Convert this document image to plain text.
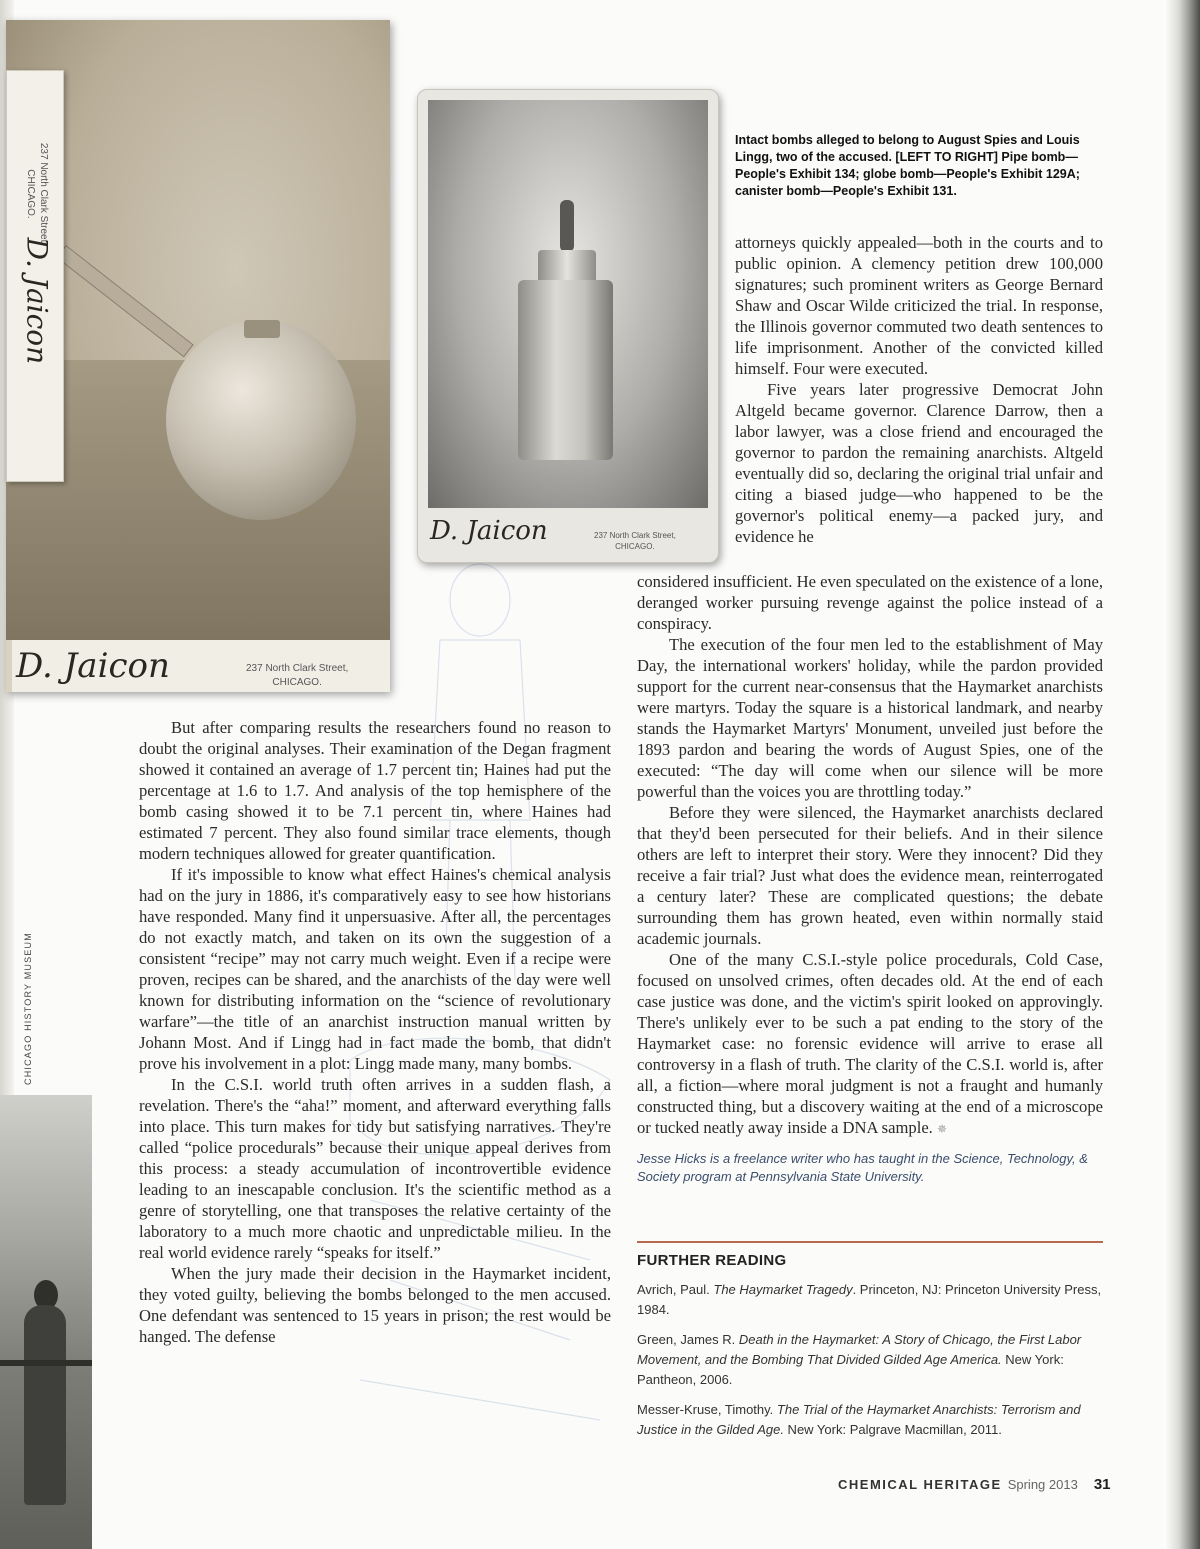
D. Jaicon	237 North Clark Street,
CHICAGO.
237 North Clark Street,
CHICAGO.
D. Jaicon
D. Jaicon	237 North Clark Street,
CHICAGO.
Intact bombs alleged to belong to August Spies and Louis Lingg, two of the accused. [LEFT TO RIGHT] Pipe bomb—People's Exhibit 134; globe bomb—People's Exhibit 129A; canister bomb—People's Exhibit 131.
CHICAGO HISTORY MUSEUM

But after comparing results the researchers found no reason to doubt the original analyses. Their examination of the Degan fragment showed it contained an average of 1.7 percent tin; Haines had put the percentage at 1.6 to 1.7. And analysis of the top hemisphere of the bomb casing showed it to be 7.1 percent tin, where Haines had estimated 7 percent. They also found similar trace elements, though modern techniques allowed for greater quantification.

If it's impossible to know what effect Haines's chemical analysis had on the jury in 1886, it's comparatively easy to see how historians have responded. Many find it unpersuasive. After all, the percentages do not exactly match, and taken on its own the suggestion of a consistent “recipe” may not carry much weight. Even if a recipe were proven, recipes can be shared, and the anarchists of the day were well known for distributing information on the “science of revolutionary warfare”—the title of an anarchist instruction manual written by Johann Most. And if Lingg had in fact made the bomb, that didn't prove his involvement in a plot: Lingg made many, many bombs.

In the C.S.I. world truth often arrives in a sudden flash, a revelation. There's the “aha!” moment, and afterward everything falls into place. This turn makes for tidy but satisfying narratives. They're called “police procedurals” because their unique appeal derives from this process: a steady accumulation of incontrovertible evidence leading to an inescapable conclusion. It's the scientific method as a genre of storytelling, one that transposes the relative certainty of the laboratory to a much more chaotic and unpredictable milieu. In the real world evidence rarely “speaks for itself.”

When the jury made their decision in the Haymarket incident, they voted guilty, believing the bombs belonged to the men accused. One defendant was sentenced to 15 years in prison; the rest would be hanged. The defense

attorneys quickly appealed—both in the courts and to public opinion. A clemency petition drew 100,000 signatures; such prominent writers as George Bernard Shaw and Oscar Wilde criticized the trial. In response, the Illinois governor commuted two death sentences to life imprisonment. Another of the convicted killed himself. Four were executed.

Five years later progressive Democrat John Altgeld became governor. Clarence Darrow, then a labor lawyer, was a close friend and encouraged the governor to pardon the remaining anarchists. Altgeld eventually did so, declaring the original trial unfair and citing a biased judge—who happened to be the governor's political enemy—a packed jury, and evidence he

considered insufficient. He even speculated on the existence of a lone, deranged worker pursuing revenge against the police instead of a conspiracy.

The execution of the four men led to the establishment of May Day, the international workers' holiday, while the pardon provided support for the current near-consensus that the Haymarket anarchists were martyrs. Today the square is a historical landmark, and nearby stands the Haymarket Martyrs' Monument, unveiled just before the 1893 pardon and bearing the words of August Spies, one of the executed: “The day will come when our silence will be more powerful than the voices you are throttling today.”

Before they were silenced, the Haymarket anarchists declared that they'd been persecuted for their beliefs. And in their silence others are left to interpret their story. Were they innocent? Did they receive a fair trial? Just what does the evidence mean, reinterrogated a century later? These are complicated questions; the debate surrounding them has grown heated, even within normally staid academic journals.

One of the many C.S.I.-style police procedurals, Cold Case, focused on unsolved crimes, often decades old. At the end of each case justice was done, and the victim's spirit looked on approvingly. There's unlikely ever to be such a pat ending to the story of the Haymarket case: no forensic evidence will arrive to erase all controversy in a flash of truth. The clarity of the C.S.I. world is, after all, a fiction—where moral judgment is not a fraught and humanly constructed thing, but a discovery waiting at the end of a microscope or tucked neatly away inside a DNA sample. ✵

Jesse Hicks is a freelance writer who has taught in the Science, Technology, & Society program at Pennsylvania State University.
FURTHER READING
Avrich, Paul. The Haymarket Tragedy. Princeton, NJ: Princeton University Press, 1984.
Green, James R. Death in the Haymarket: A Story of Chicago, the First Labor Movement, and the Bombing That Divided Gilded Age America. New York: Pantheon, 2006.
Messer-Kruse, Timothy. The Trial of the Haymarket Anarchists: Terrorism and Justice in the Gilded Age. New York: Palgrave Macmillan, 2011.
CHEMICAL HERITAGE Spring 2013 31
